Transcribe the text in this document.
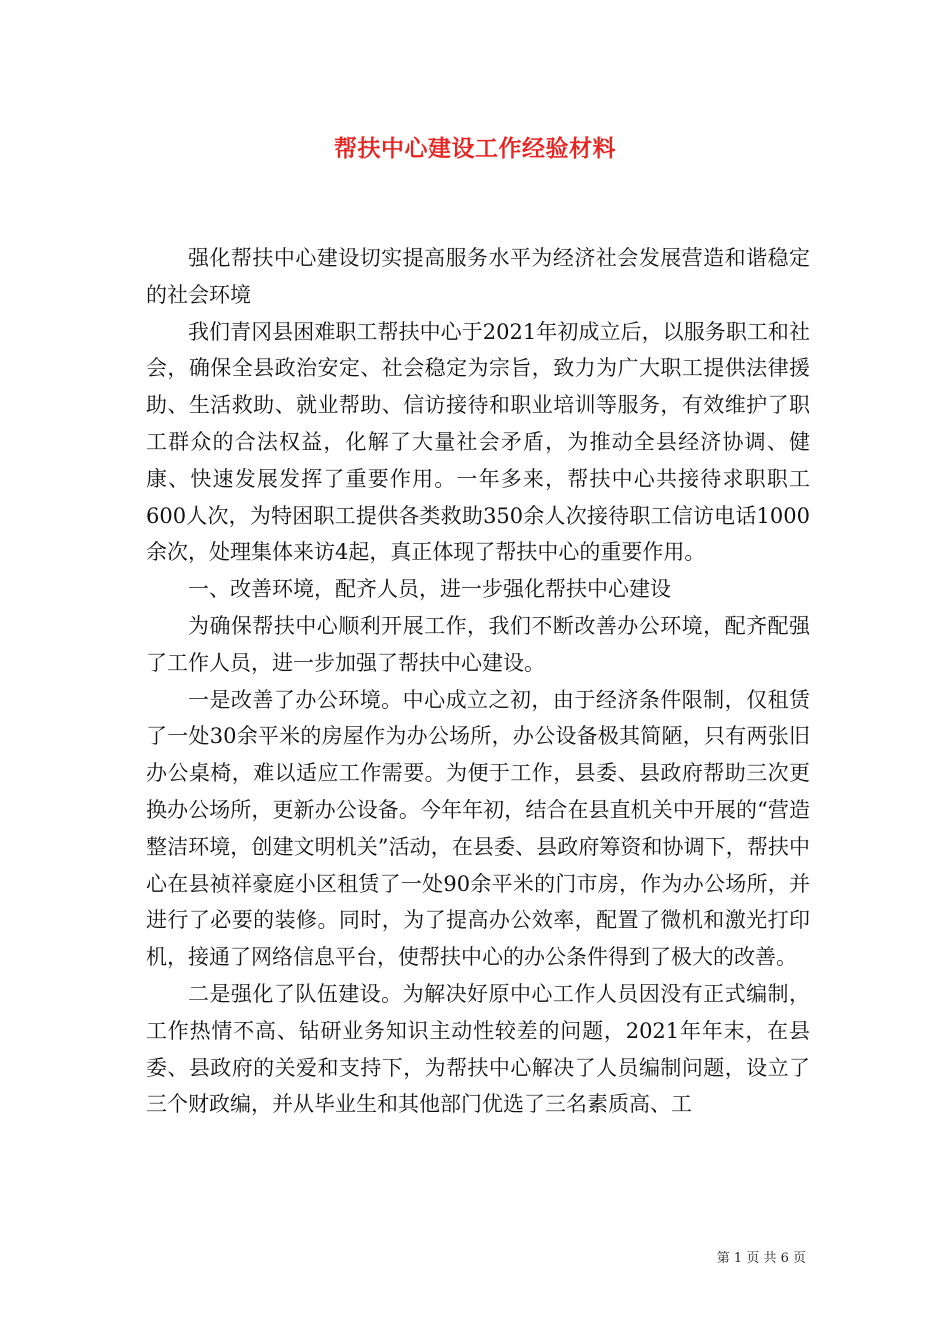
帮扶中心建设工作经验材料

强化帮扶中心建设切实提高服务水平为经济社会发展营造和谐稳定的社会环境

我们青冈县困难职工帮扶中心于2021年初成立后，以服务职工和社会，确保全县政治安定、社会稳定为宗旨，致力为广大职工提供法律援助、生活救助、就业帮助、信访接待和职业培训等服务，有效维护了职工群众的合法权益，化解了大量社会矛盾，为推动全县经济协调、健康、快速发展发挥了重要作用。一年多来，帮扶中心共接待求职职工600人次，为特困职工提供各类救助350余人次接待职工信访电话1000余次，处理集体来访4起，真正体现了帮扶中心的重要作用。

一、改善环境，配齐人员，进一步强化帮扶中心建设

为确保帮扶中心顺利开展工作，我们不断改善办公环境，配齐配强了工作人员，进一步加强了帮扶中心建设。

一是改善了办公环境。中心成立之初，由于经济条件限制，仅租赁了一处30余平米的房屋作为办公场所，办公设备极其简陋，只有两张旧办公桌椅，难以适应工作需要。为便于工作，县委、县政府帮助三次更换办公场所，更新办公设备。今年年初，结合在县直机关中开展的“营造整洁环境，创建文明机关”活动，在县委、县政府筹资和协调下，帮扶中心在县祯祥豪庭小区租赁了一处90余平米的门市房，作为办公场所，并进行了必要的装修。同时，为了提高办公效率，配置了微机和激光打印机，接通了网络信息平台，使帮扶中心的办公条件得到了极大的改善。

二是强化了队伍建设。为解决好原中心工作人员因没有正式编制，工作热情不高、钻研业务知识主动性较差的问题，2021年年末，在县委、县政府的关爱和支持下，为帮扶中心解决了人员编制问题，设立了三个财政编，并从毕业生和其他部门优选了三名素质高、工

第 1 页 共 6 页
